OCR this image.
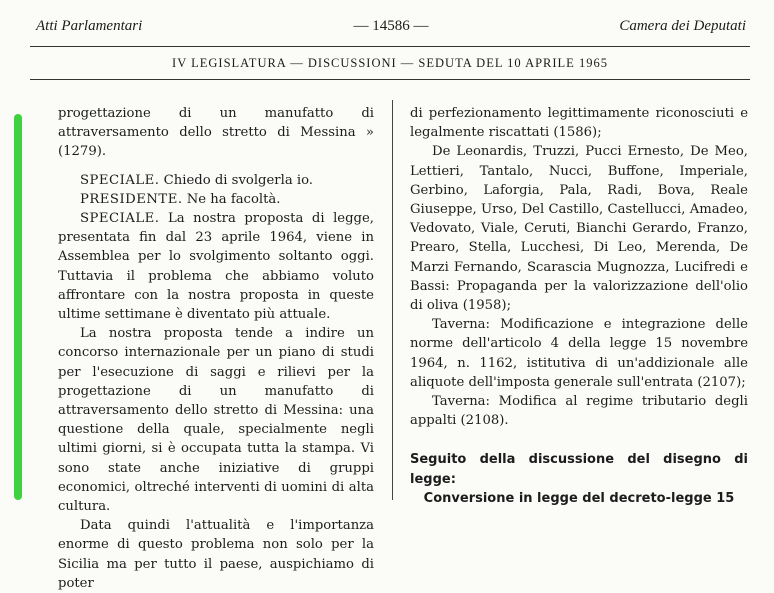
Atti Parlamentari	— 14586 —	Camera dei Deputati
IV LEGISLATURA — DISCUSSIONI — SEDUTA DEL 10 APRILE 1965

progettazione di un manufatto di attraversamento dello stretto di Messina » (1279).

SPECIALE. Chiedo di svolgerla io.

PRESIDENTE. Ne ha facoltà.

SPECIALE. La nostra proposta di legge, presentata fin dal 23 aprile 1964, viene in Assemblea per lo svolgimento soltanto oggi. Tuttavia il problema che abbiamo voluto affrontare con la nostra proposta in queste ultime settimane è diventato più attuale.

La nostra proposta tende a indire un concorso internazionale per un piano di studi per l'esecuzione di saggi e rilievi per la progettazione di un manufatto di attraversamento dello stretto di Messina: una questione della quale, specialmente negli ultimi giorni, si è occupata tutta la stampa. Vi sono state anche iniziative di gruppi economici, oltreché interventi di uomini di alta cultura.

Data quindi l'attualità e l'importanza enorme di questo problema non solo per la Sicilia ma per tutto il paese, auspichiamo di poter

di perfezionamento legittimamente riconosciuti e legalmente riscattati (1586);

De Leonardis, Truzzi, Pucci Ernesto, De Meo, Lettieri, Tantalo, Nucci, Buffone, Imperiale, Gerbino, Laforgia, Pala, Radi, Bova, Reale Giuseppe, Urso, Del Castillo, Castellucci, Amadeo, Vedovato, Viale, Ceruti, Bianchi Gerardo, Franzo, Prearo, Stella, Lucchesi, Di Leo, Merenda, De Marzi Fernando, Scarascia Mugnozza, Lucifredi e Bassi: Propaganda per la valorizzazione dell'olio di oliva (1958);

Taverna: Modificazione e integrazione delle norme dell'articolo 4 della legge 15 novembre 1964, n. 1162, istitutiva di un'addizionale alle aliquote dell'imposta generale sull'entrata (2107);

Taverna: Modifica al regime tributario degli appalti (2108).

Seguito della discussione del disegno di legge:

Conversione in legge del decreto-legge 15
